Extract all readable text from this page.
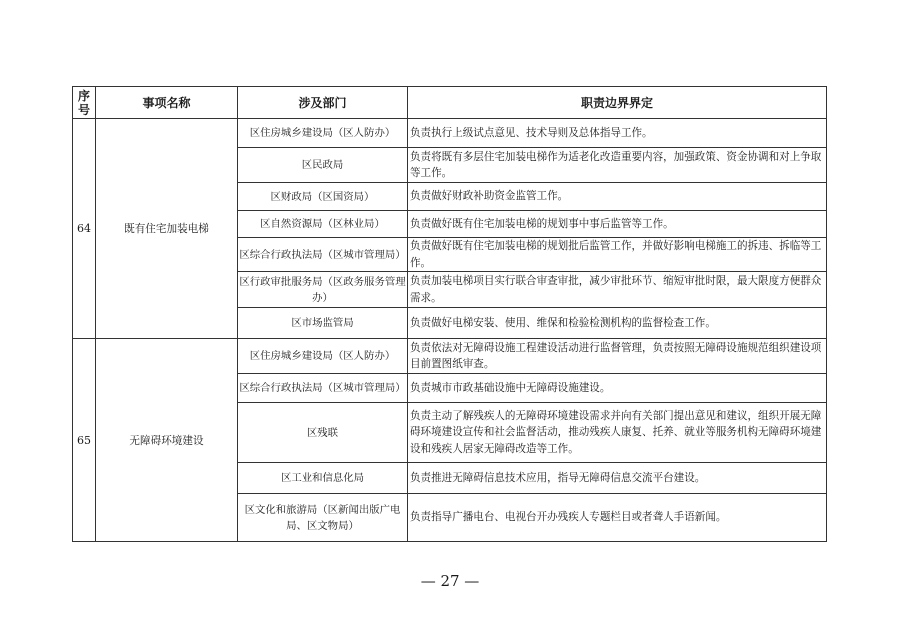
序号	事项名称	涉及部门	职责边界界定
64	既有住宅加装电梯	区住房城乡建设局（区人防办）	负责执行上级试点意见、技术导则及总体指导工作。
		区民政局	负责将既有多层住宅加装电梯作为适老化改造重要内容，加强政策、资金协调和对上争取等工作。
		区财政局（区国资局）	负责做好财政补助资金监管工作。
		区自然资源局（区林业局）	负责做好既有住宅加装电梯的规划事中事后监管等工作。
		区综合行政执法局（区城市管理局）	负责做好既有住宅加装电梯的规划批后监管工作，并做好影响电梯施工的拆违、拆临等工作。
		区行政审批服务局（区政务服务管理办）	负责加装电梯项目实行联合审查审批，减少审批环节、缩短审批时限，最大限度方便群众需求。
		区市场监管局	负责做好电梯安装、使用、维保和检验检测机构的监督检查工作。
65	无障碍环境建设	区住房城乡建设局（区人防办）	负责依法对无障碍设施工程建设活动进行监督管理，负责按照无障碍设施规范组织建设项目前置图纸审查。
		区综合行政执法局（区城市管理局）	负责城市市政基础设施中无障碍设施建设。
		区残联	负责主动了解残疾人的无障碍环境建设需求并向有关部门提出意见和建议，组织开展无障碍环境建设宣传和社会监督活动，推动残疾人康复、托养、就业等服务机构无障碍环境建设和残疾人居家无障碍改造等工作。
		区工业和信息化局	负责推进无障碍信息技术应用，指导无障碍信息交流平台建设。
		区文化和旅游局（区新闻出版广电局、区文物局）	负责指导广播电台、电视台开办残疾人专题栏目或者聋人手语新闻。
— 27 —
